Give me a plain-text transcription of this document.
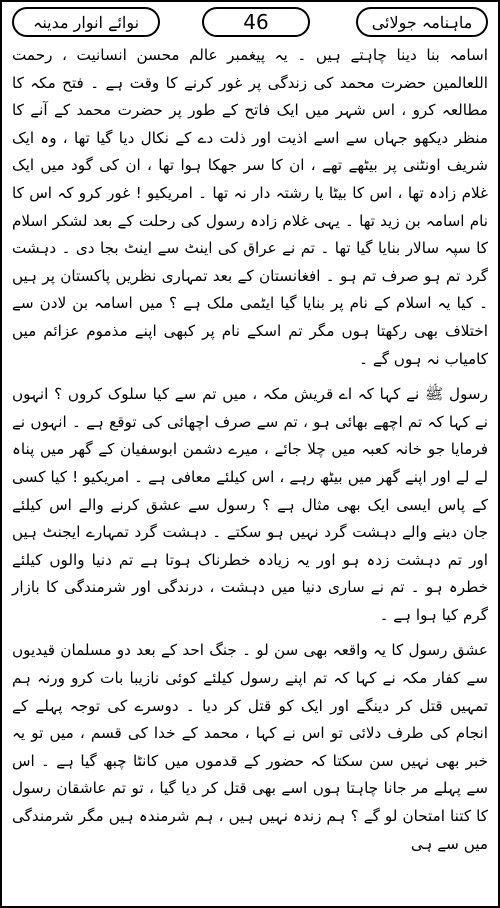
ماہنامہ جولائی
46
نوائے انوار مدینہ

اسامہ بنا دینا چاہتے ہیں ۔ یہ پیغمبر عالم محسن انسانیت ، رحمت اللعالمین حضرت محمد کی زندگی پر غور کرنے کا وقت ہے ۔ فتح مکہ کا مطالعہ کرو ، اس شہر میں ایک فاتح کے طور پر حضرت محمد کے آنے کا منظر دیکھو جہاں سے اسے اذیت اور ذلت دے کے نکال دیا گیا تھا ، وہ ایک شریف اونٹنی پر بیٹھے تھے ، ان کا سر جھکا ہوا تھا ، ان کی گود میں ایک غلام زادہ تھا ، اس کا بیٹا یا رشتہ دار نہ تھا ۔ امریکیو ! غور کرو کہ اس کا نام اسامہ بن زید تھا ۔ یہی غلام زادہ رسول کی رحلت کے بعد لشکر اسلام کا سپہ سالار بنایا گیا تھا ۔ تم نے عراق کی اینٹ سے اینٹ بجا دی ۔ دہشت گرد تم ہو صرف تم ہو ۔ افغانستان کے بعد تمہاری نظریں پاکستان پر ہیں ۔ کیا یہ اسلام کے نام پر بنایا گیا ایٹمی ملک ہے ؟ میں اسامہ بن لادن سے اختلاف بھی رکھتا ہوں مگر تم اسکے نام پر کبھی اپنے مذموم عزائم میں کامیاب نہ ہوں گے ۔

رسول ﷺ نے کہا کہ اے قریش مکہ ، میں تم سے کیا سلوک کروں ؟ انہوں نے کہا کہ تم اچھے بھائی ہو ، تم سے صرف اچھائی کی توقع ہے ۔ انہوں نے فرمایا جو خانہ کعبہ میں چلا جائے ، میرے دشمن ابوسفیان کے گھر میں پناہ لے لے اور اپنے گھر میں بیٹھ رہے ، اس کیلئے معافی ہے ۔ امریکیو ! کیا کسی کے پاس ایسی ایک بھی مثال ہے ؟ رسول سے عشق کرنے والے اس کیلئے جان دینے والے دہشت گرد نہیں ہو سکتے ۔ دہشت گرد تمہارے ایجنٹ ہیں اور تم دہشت زدہ ہو اور یہ زیادہ خطرناک ہوتا ہے تم دنیا والوں کیلئے خطرہ ہو ۔ تم نے ساری دنیا میں دہشت ، درندگی اور شرمندگی کا بازار گرم کیا ہوا ہے ۔

عشق رسول کا یہ واقعہ بھی سن لو ۔ جنگ احد کے بعد دو مسلمان قیدیوں سے کفار مکہ نے کہا کہ تم اپنے رسول کیلئے کوئی نازیبا بات کرو ورنہ ہم تمہیں قتل کر دینگے اور ایک کو قتل کر دیا ۔ دوسرے کی توجہ پہلے کے انجام کی طرف دلائی تو اس نے کہا ، محمد کے خدا کی قسم ، میں تو یہ خبر بھی نہیں سن سکتا کہ حضور کے قدموں میں کانٹا چبھ گیا ہے ۔ اس سے پہلے مر جانا چاہتا ہوں اسے بھی قتل کر دیا گیا ، تو تم عاشقان رسول کا کتنا امتحان لو گے ؟ ہم زندہ نہیں ہیں ، ہم شرمندہ ہیں مگر شرمندگی میں سے ہی
